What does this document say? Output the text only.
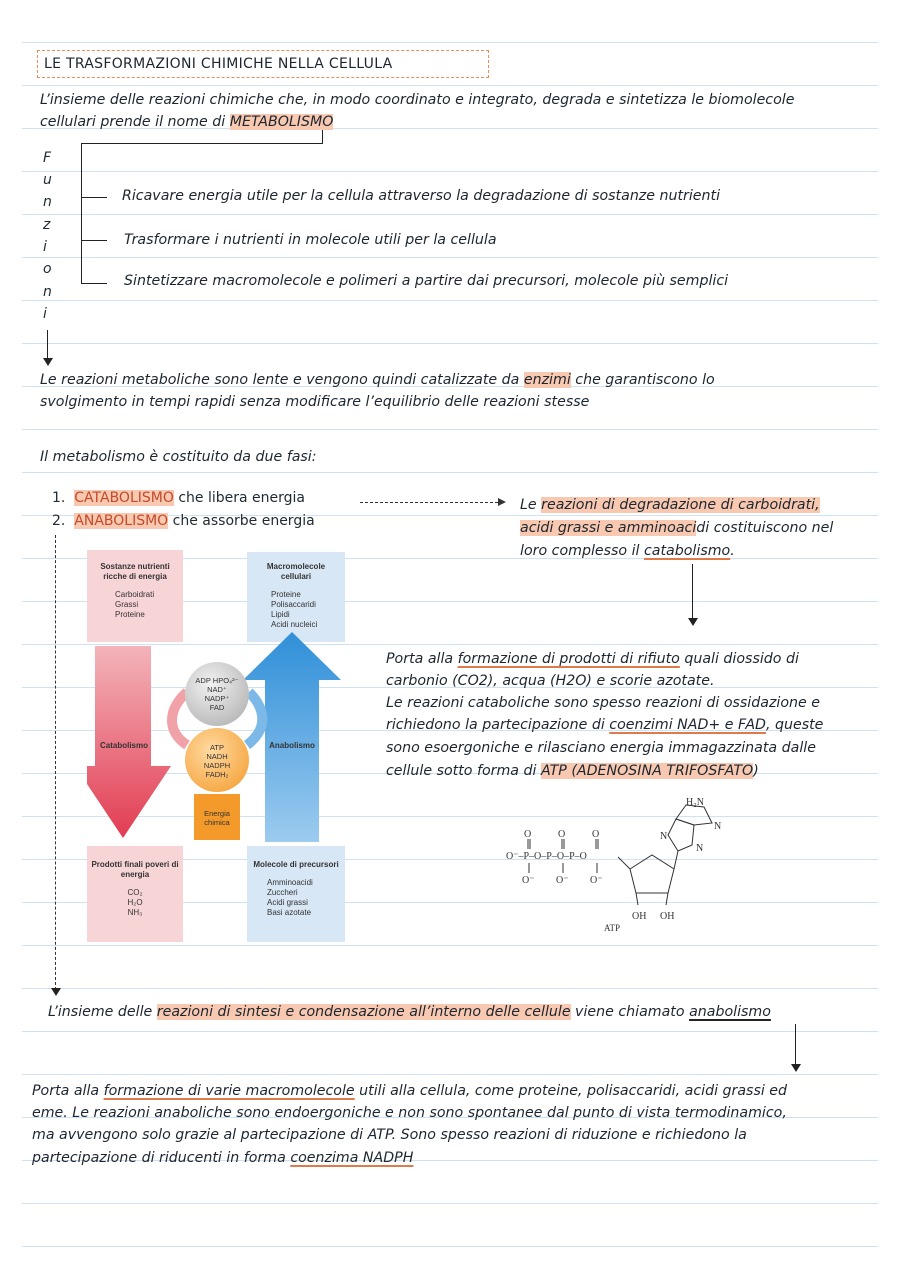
LE TRASFORMAZIONI CHIMICHE NELLA CELLULA
L’insieme delle reazioni chimiche che, in modo coordinato e integrato, degrada e sintetizza le biomolecole
cellulari prende il nome di METABOLISMO
F
u
n
z
i
o
n
i
Ricavare energia utile per la cellula attraverso la degradazione di sostanze nutrienti
Trasformare i nutrienti in molecole utili per la cellula
Sintetizzare macromolecole e polimeri a partire dai precursori, molecole più semplici
Le reazioni metaboliche sono lente e vengono quindi catalizzate da enzimi che garantiscono lo
svolgimento in tempi rapidi senza modificare l’equilibrio delle reazioni stesse
Il metabolismo è costituito da due fasi:
1. CATABOLISMO che libera energia
2. ANABOLISMO che assorbe energia
Le reazioni di degradazione di carboidrati,
acidi grassi e amminoacidi costituiscono nel
loro complesso il catabolismo.
Porta alla formazione di prodotti di rifiuto quali diossido di
carbonio (CO2), acqua (H2O) e scorie azotate.
Le reazioni cataboliche sono spesso reazioni di ossidazione e
richiedono la partecipazione di coenzimi NAD+ e FAD, queste
sono esoergoniche e rilasciano energia immagazzinata dalle
cellule sotto forma di ATP (ADENOSINA TRIFOSFATO)
Sostanze nutrienti ricche di energia
Carboidrati
Grassi
Proteine
Macromolecole cellulari
Proteine
Polisaccaridi
Lipidi
Acidi nucleici
Prodotti finali poveri di energia
CO₂
H₂O
NH₃
Molecole di precursori
Amminoacidi
Zuccheri
Acidi grassi
Basi azotate
Catabolismo	Anabolismo
ADP HPO₄²⁻
NAD⁺
NADP⁺
FAD
ATP
NADH
NADPH
FADH₂
Energia
chimica
O⁻–P–O–P–O–P–O
O	O	O
O⁻ O⁻ O⁻
H₂N
N
N
N
OH OH
ATP
L’insieme delle reazioni di sintesi e condensazione all’interno delle cellule viene chiamato anabolismo
Porta alla formazione di varie macromolecole utili alla cellula, come proteine, polisaccaridi, acidi grassi ed
eme. Le reazioni anaboliche sono endoergoniche e non sono spontanee dal punto di vista termodinamico,
ma avvengono solo grazie al partecipazione di ATP. Sono spesso reazioni di riduzione e richiedono la
partecipazione di riducenti in forma coenzima NADPH
